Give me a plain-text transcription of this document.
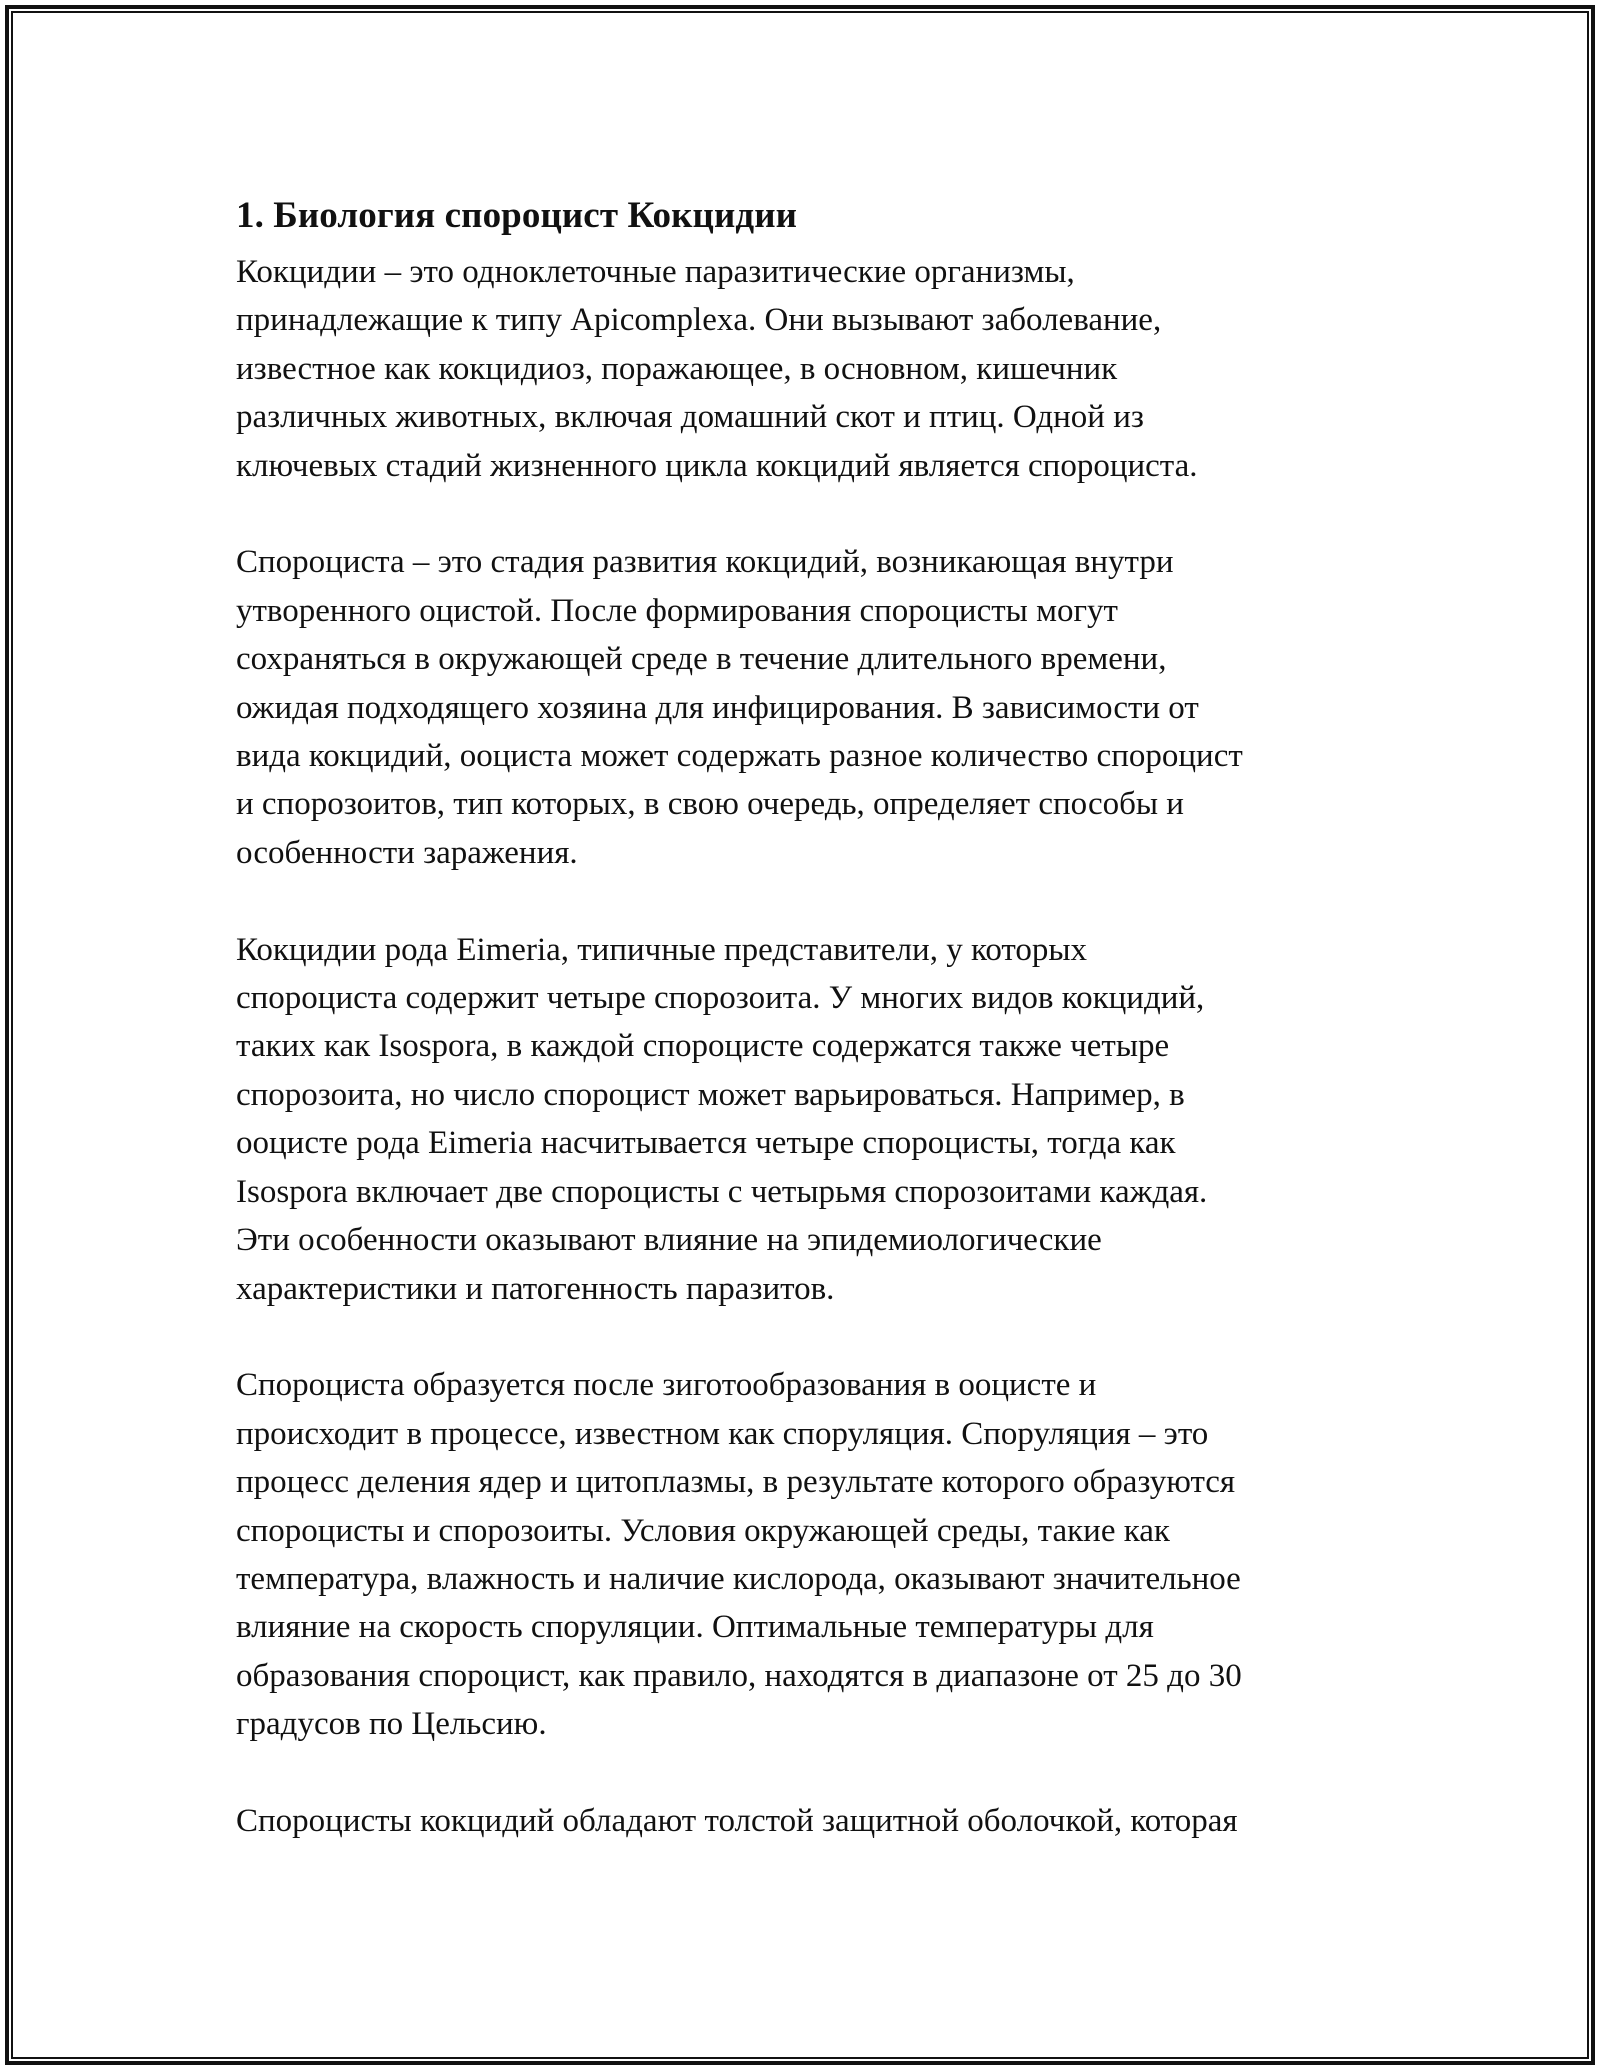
1. Биология спороцист Кокцидии

Кокцидии – это одноклеточные паразитические организмы,
принадлежащие к типу Apicomplexa. Они вызывают заболевание,
известное как кокцидиоз, поражающее, в основном, кишечник
различных животных, включая домашний скот и птиц. Одной из
ключевых стадий жизненного цикла кокцидий является спороциста.

Спороциста – это стадия развития кокцидий, возникающая внутри
утворенного оцистой. После формирования спороцисты могут
сохраняться в окружающей среде в течение длительного времени,
ожидая подходящего хозяина для инфицирования. В зависимости от
вида кокцидий, ооциста может содержать разное количество спороцист
и спорозоитов, тип которых, в свою очередь, определяет способы и
особенности заражения.

Кокцидии рода Eimeria, типичные представители, у которых
спороциста содержит четыре спорозоита. У многих видов кокцидий,
таких как Isospora, в каждой спороцисте содержатся также четыре
спорозоита, но число спороцист может варьироваться. Например, в
ооцисте рода Eimeria насчитывается четыре спороцисты, тогда как
Isospora включает две спороцисты с четырьмя спорозоитами каждая.
Эти особенности оказывают влияние на эпидемиологические
характеристики и патогенность паразитов.

Спороциста образуется после зиготообразования в ооцисте и
происходит в процессе, известном как споруляция. Споруляция – это
процесс деления ядер и цитоплазмы, в результате которого образуются
спороцисты и спорозоиты. Условия окружающей среды, такие как
температура, влажность и наличие кислорода, оказывают значительное
влияние на скорость споруляции. Оптимальные температуры для
образования спороцист, как правило, находятся в диапазоне от 25 до 30
градусов по Цельсию.

Спороцисты кокцидий обладают толстой защитной оболочкой, которая
